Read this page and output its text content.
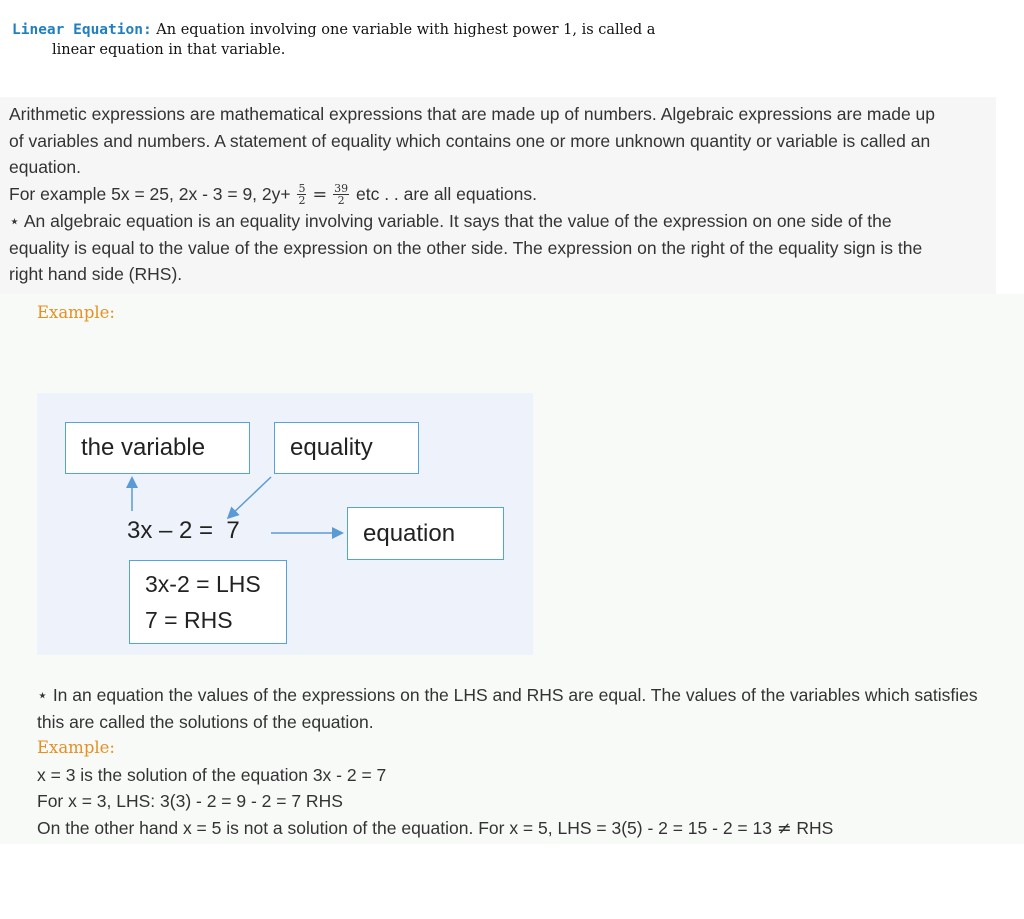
Linear Equation: An equation involving one variable with highest power 1, is called a
linear equation in that variable.

Arithmetic expressions are mathematical expressions that are made up of numbers. Algebraic expressions are made up

of variables and numbers. A statement of equality which contains one or more unknown quantity or variable is called an

equation.

For example 5x = 25, 2x - 3 = 9, $2y+ \frac{5}{2} = \frac{39}{2}$ etc . . are all equations.

⋆ An algebraic equation is an equality involving variable. It says that the value of the expression on one side of the

equality is equal to the value of the expression on the other side. The expression on the right of the equality sign is the

right hand side (RHS).

Example:
the variable	equality
3x – 2 =  7	equation
3x-2 = LHS
7 = RHS

⋆ In an equation the values of the expressions on the LHS and RHS are equal. The values of the variables which satisfies

this are called the solutions of the equation.

Example:

x = 3 is the solution of the equation 3x - 2 = 7

For x = 3, LHS: 3(3) - 2 = 9 - 2 = 7 RHS

On the other hand x = 5 is not a solution of the equation. For x = 5, LHS = 3(5) - 2 = 15 - 2 = 13 ≠ RHS
